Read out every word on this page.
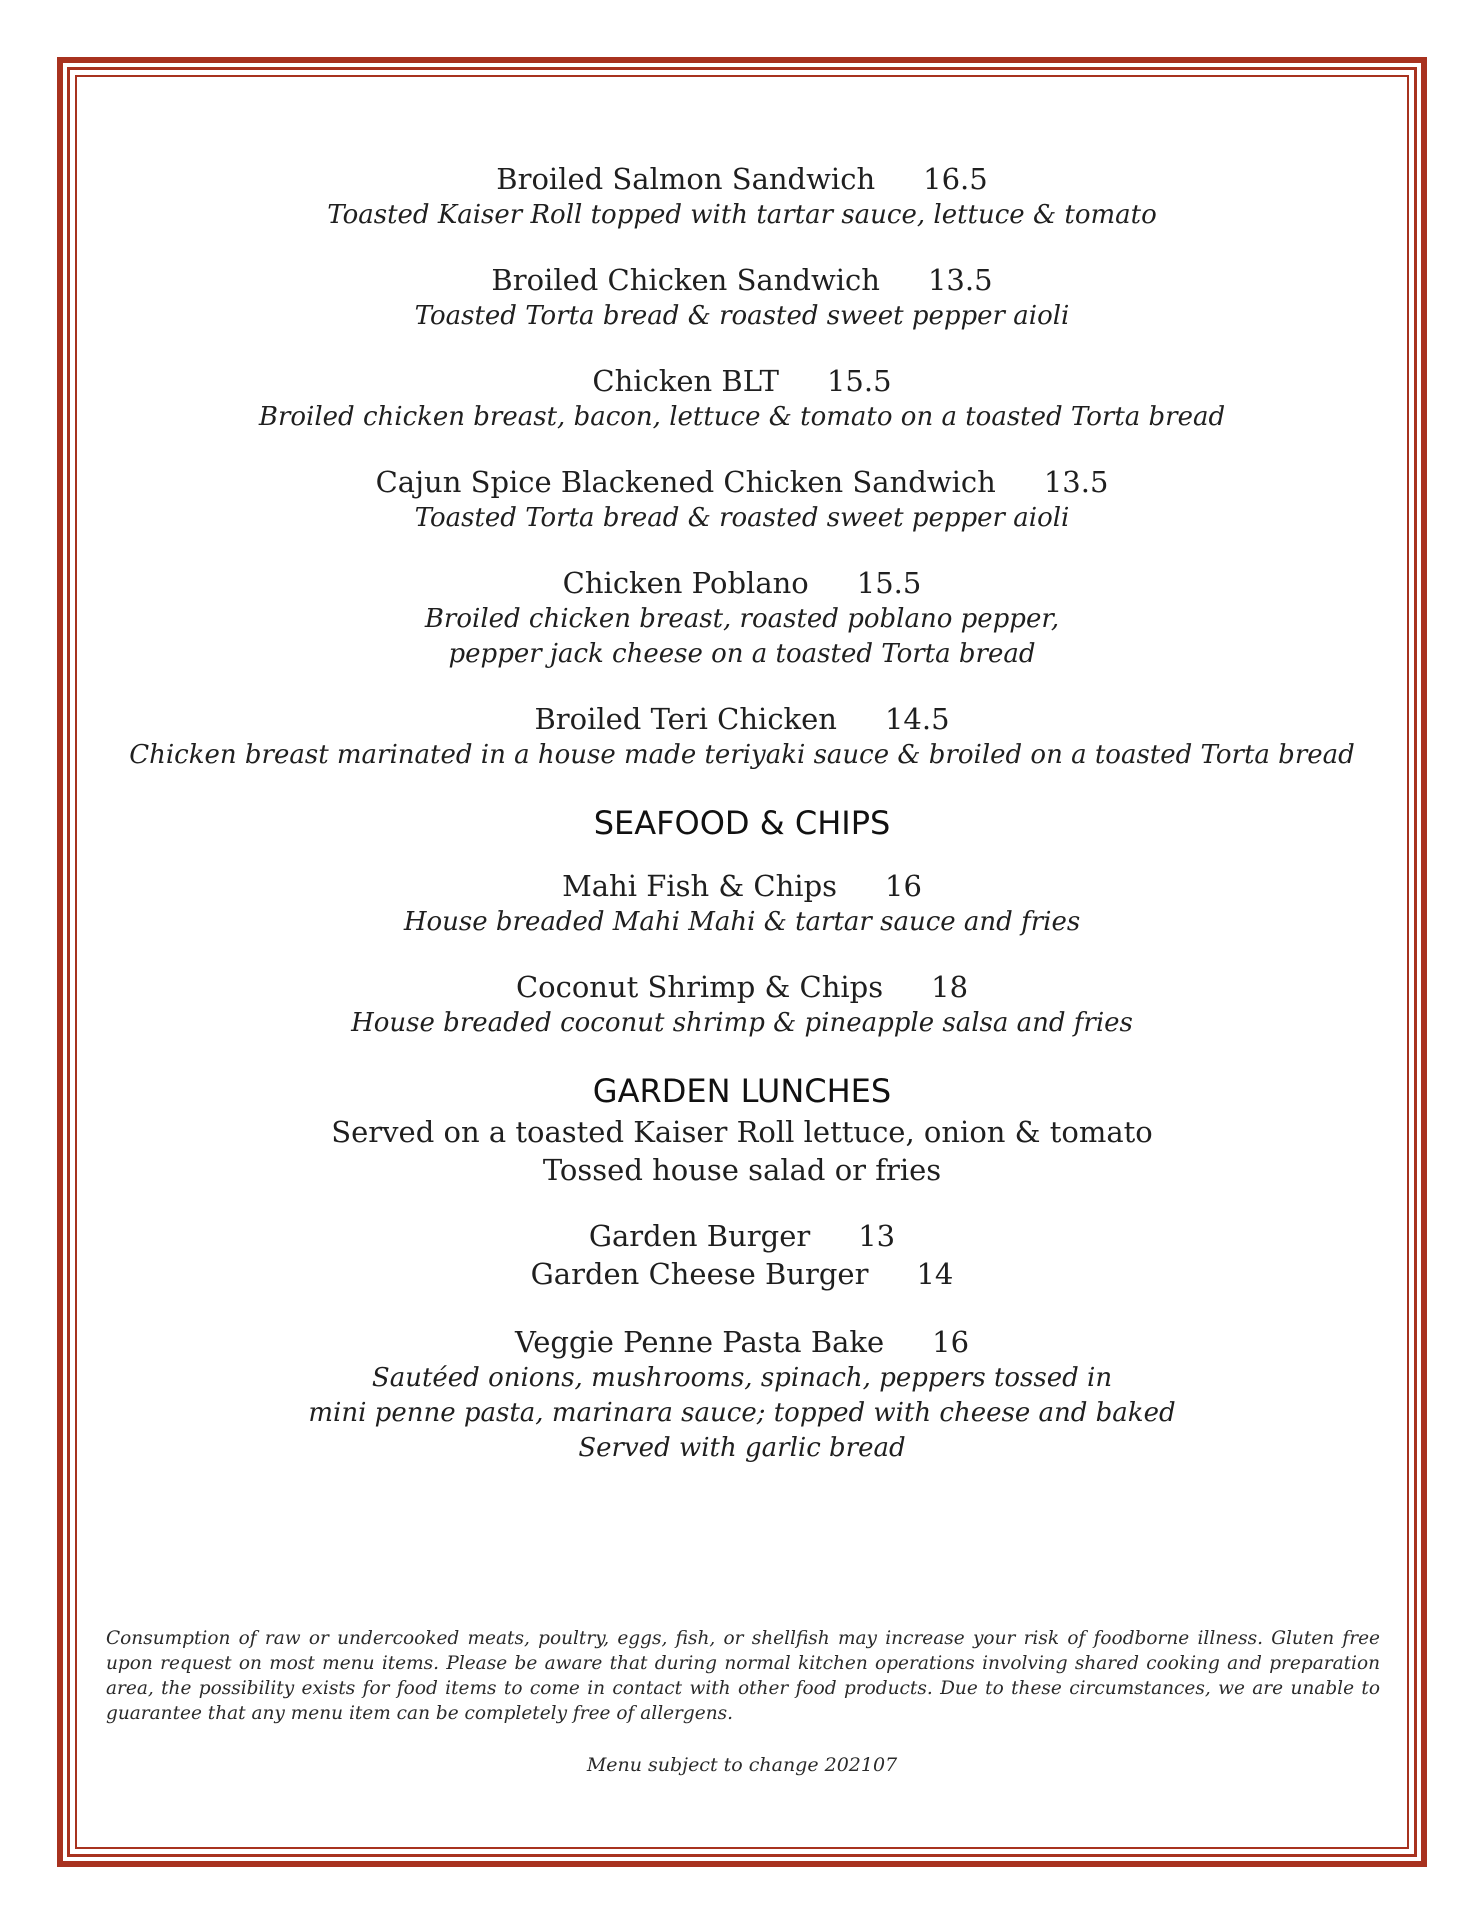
Broiled Salmon Sandwich 16.5
Toasted Kaiser Roll topped with tartar sauce, lettuce & tomato
Broiled Chicken Sandwich 13.5
Toasted Torta bread & roasted sweet pepper aioli
Chicken BLT 15.5
Broiled chicken breast, bacon, lettuce & tomato on a toasted Torta bread
Cajun Spice Blackened Chicken Sandwich 13.5
Toasted Torta bread & roasted sweet pepper aioli
Chicken Poblano 15.5
Broiled chicken breast, roasted poblano pepper,
pepper jack cheese on a toasted Torta bread
Broiled Teri Chicken 14.5
Chicken breast marinated in a house made teriyaki sauce & broiled on a toasted Torta bread
SEAFOOD & CHIPS
Mahi Fish & Chips 16
House breaded Mahi Mahi & tartar sauce and fries
Coconut Shrimp & Chips 18
House breaded coconut shrimp & pineapple salsa and fries
GARDEN LUNCHES
Served on a toasted Kaiser Roll lettuce, onion & tomato
Tossed house salad or fries
Garden Burger 13
Garden Cheese Burger 14
Veggie Penne Pasta Bake 16
Sautéed onions, mushrooms, spinach, peppers tossed in
mini penne pasta, marinara sauce; topped with cheese and baked
Served with garlic bread
Consumption of raw or undercooked meats, poultry, eggs, fish, or shellfish may increase your risk of foodborne illness. Gluten free upon request on most menu items. Please be aware that during normal kitchen operations involving shared cooking and preparation area, the possibility exists for food items to come in contact with other food products. Due to these circumstances, we are unable to guarantee that any menu item can be completely free of allergens.
Menu subject to change 202107
